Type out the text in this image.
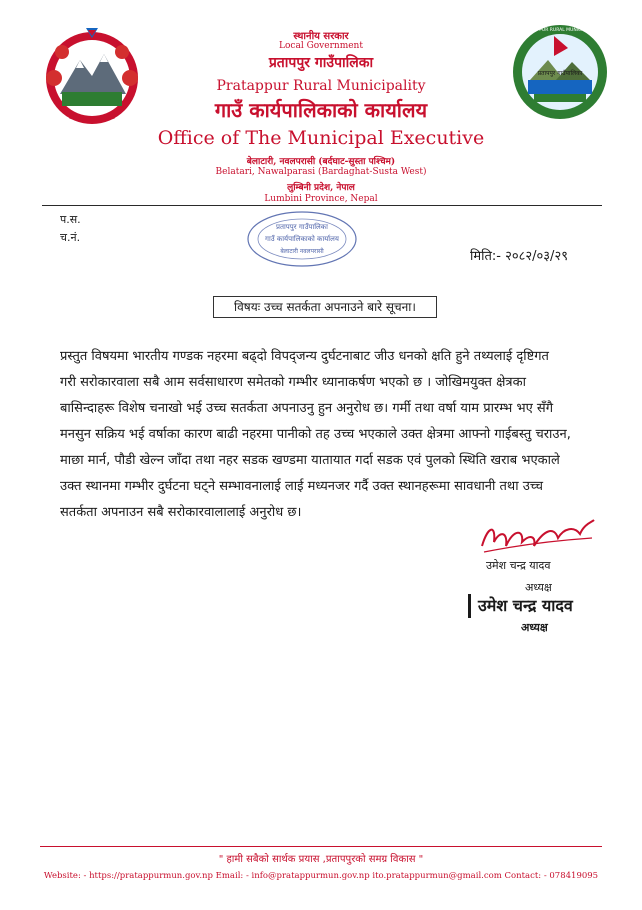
प्रतापपुर गाउँपालिका
PRATAPPUR RURAL MUNICIPALITY
स्थानीय सरकार
Local Government
प्रतापपुर गाउँपालिका
Pratappur Rural Municipality
गाउँ कार्यपालिकाको कार्यालय
Office of The Municipal Executive
बेलाटारी, नवलपरासी (बर्दघाट-सुस्ता पश्चिम)
Belatari, Nawalparasi (Bardaghat-Susta West)
लुम्बिनी प्रदेश, नेपाल
Lumbini Province, Nepal
प.स.
च.नं.
प्रतापपुर गाउँपालिका
गाउँ कार्यपालिकाको कार्यालय
बेलाटारी नवलपरासी	मिति:- २०८२/०३/२९
विषयः उच्च सतर्कता अपनाउने बारे सूचना।
प्रस्तुत विषयमा भारतीय गण्डक नहरमा बढ्दो विपद्जन्य दुर्घटनाबाट जीउ धनको क्षति हुने तथ्यलाई दृष्टिगत
गरी सरोकारवाला सबै आम सर्वसाधारण समेतको गम्भीर ध्यानाकर्षण भएको छ । जोखिमयुक्त क्षेत्रका
बासिन्दाहरू विशेष चनाखो भई उच्च सतर्कता अपनाउनु हुन अनुरोध छ। गर्मी तथा वर्षा याम प्रारम्भ भए सँगै
मनसुन सक्रिय भई वर्षाका कारण बाढी नहरमा पानीको तह उच्च भएकाले उक्त क्षेत्रमा आफ्नो गाईबस्तु चराउन,
माछा मार्न, पौडी खेल्न जाँदा तथा नहर सडक खण्डमा यातायात गर्दा सडक एवं पुलको स्थिति खराब भएकाले
उक्त स्थानमा गम्भीर दुर्घटना घट्ने सम्भावनालाई लाई मध्यनजर गर्दै उक्त स्थानहरूमा सावधानी तथा उच्च
सतर्कता अपनाउन सबै सरोकारवालालाई अनुरोध छ।
उमेश चन्द्र यादव
अध्यक्ष
उमेश चन्द्र यादव
अध्यक्ष
" हामी सबैको सार्थक प्रयास ,प्रतापपुरको समग्र विकास "
Website: - https://pratappurmun.gov.np Email: - info@pratappurmun.gov.np ito.pratappurmun@gmail.com Contact: - 078419095
